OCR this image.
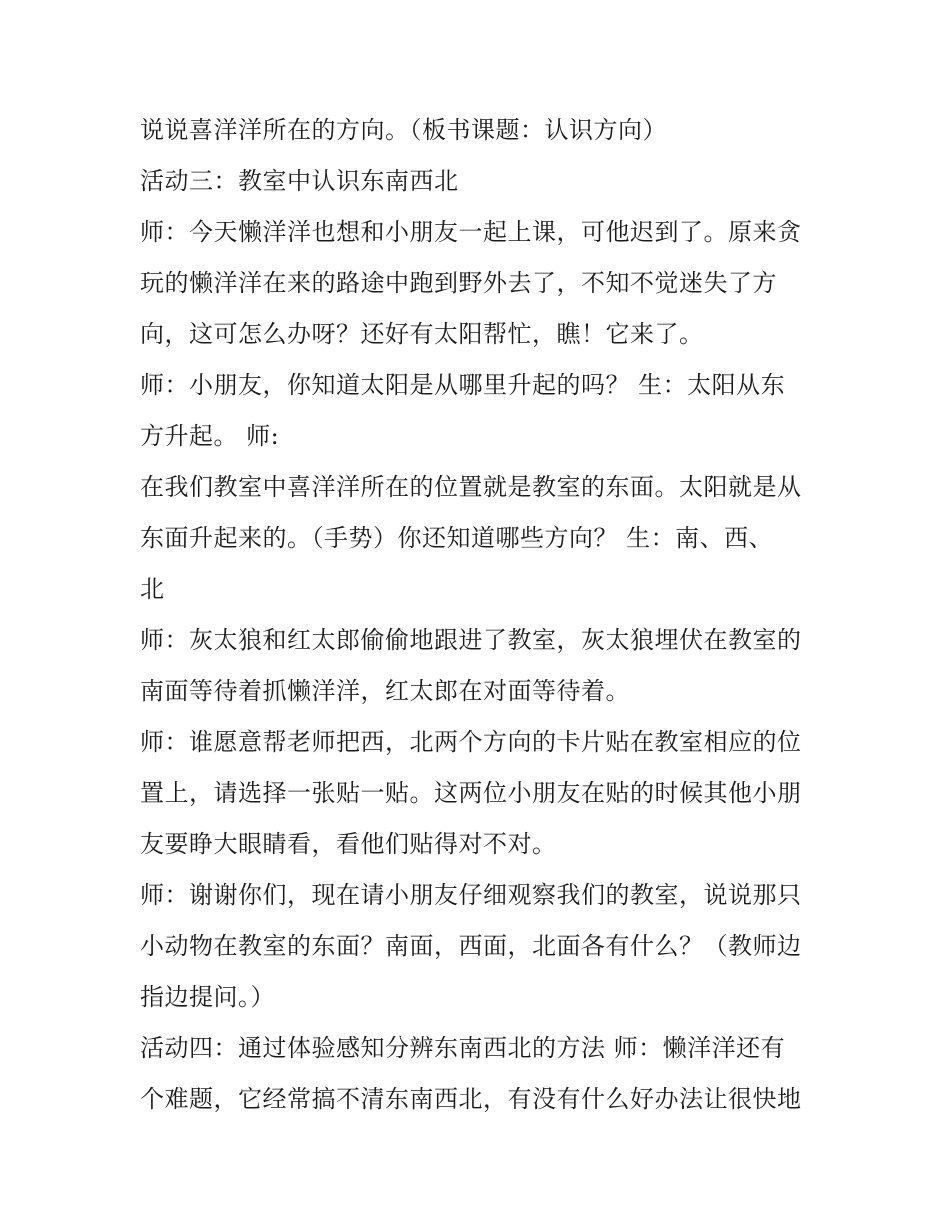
说说喜洋洋所在的方向。（板书课题：认识方向）
活动三：教室中认识东南西北
师：今天懒洋洋也想和小朋友一起上课，可他迟到了。原来贪
玩的懒洋洋在来的路途中跑到野外去了，不知不觉迷失了方
向，这可怎么办呀？还好有太阳帮忙，瞧！它来了。
师：小朋友，你知道太阳是从哪里升起的吗？ 生：太阳从东
方升起。 师:
在我们教室中喜洋洋所在的位置就是教室的东面。太阳就是从
东面升起来的。（手势）你还知道哪些方向？ 生：南、西、
北
师：灰太狼和红太郎偷偷地跟进了教室，灰太狼埋伏在教室的
南面等待着抓懒洋洋，红太郎在对面等待着。
师：谁愿意帮老师把西，北两个方向的卡片贴在教室相应的位
置上，请选择一张贴一贴。这两位小朋友在贴的时候其他小朋
友要睁大眼睛看，看他们贴得对不对。
师：谢谢你们，现在请小朋友仔细观察我们的教室，说说那只
小动物在教室的东面？南面，西面，北面各有什么？（教师边
指边提问。）
活动四：通过体验感知分辨东南西北的方法 师：懒洋洋还有
个难题，它经常搞不清东南西北，有没有什么好办法让很快地
